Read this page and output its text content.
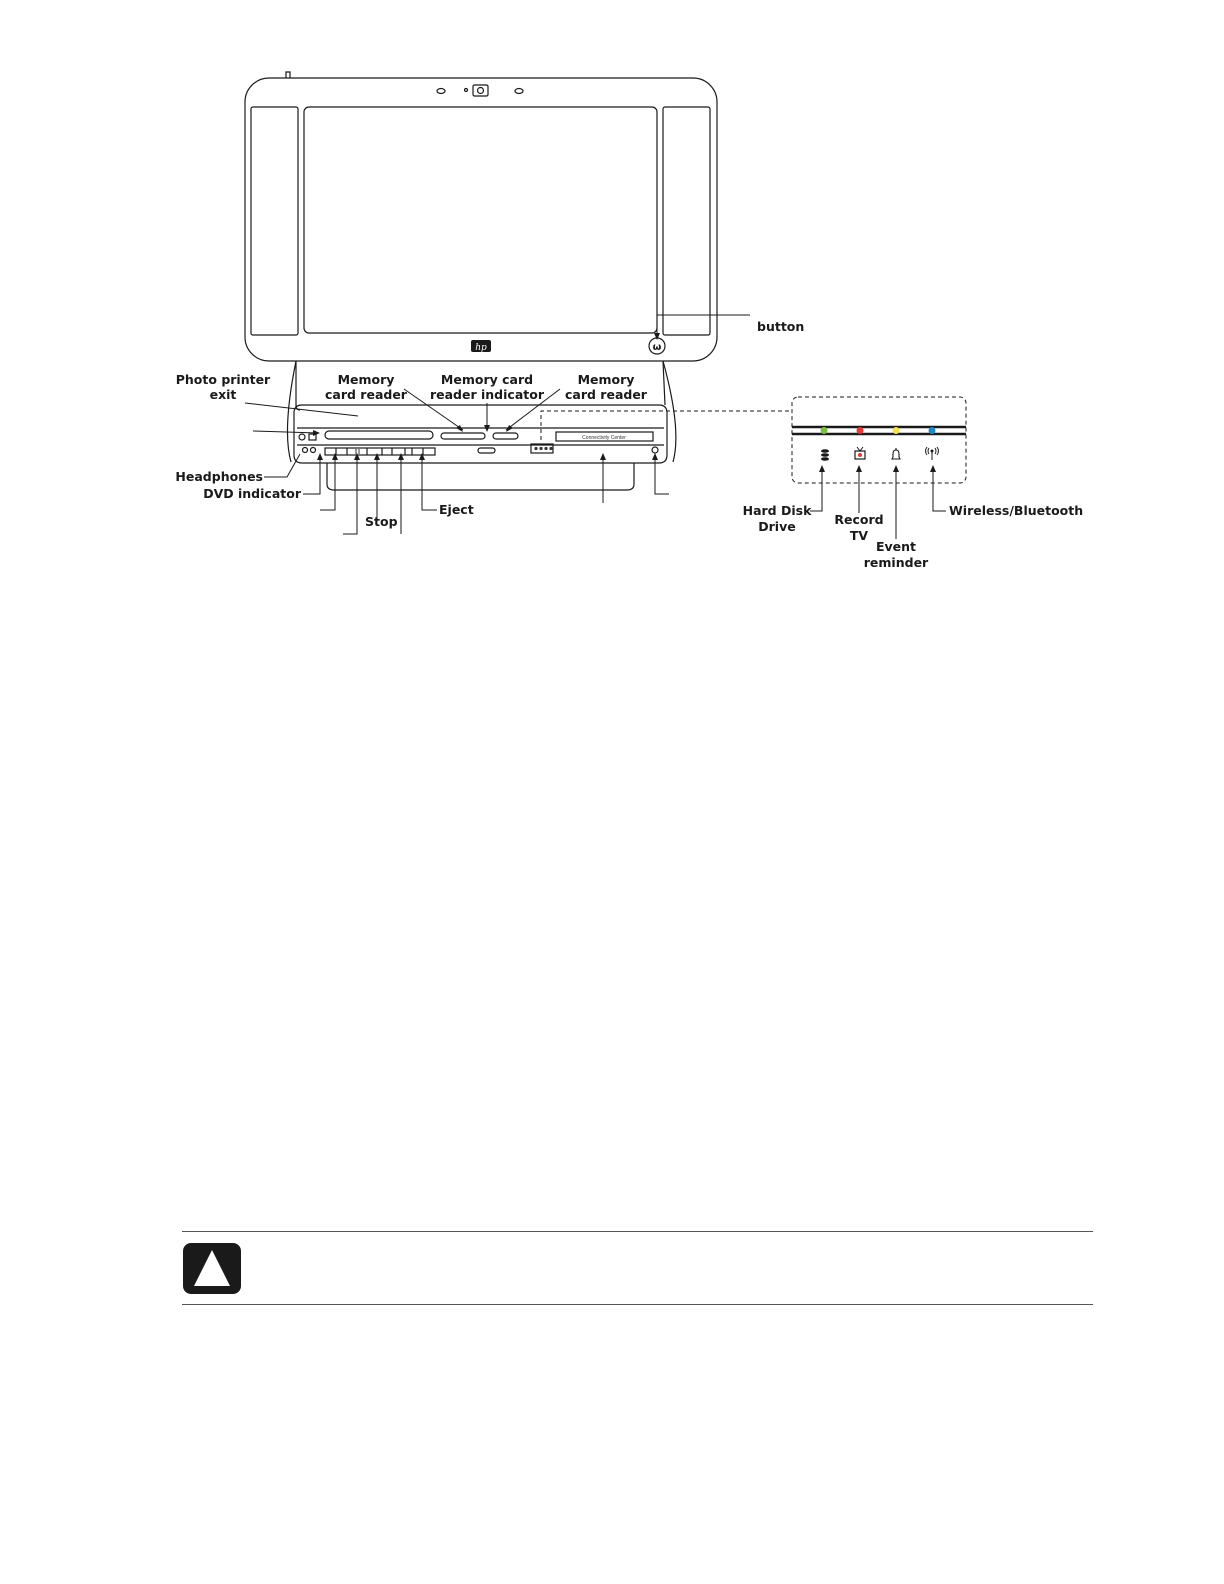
hp	ω
Connectivity Center
button
Photo printer
exit
Memory
card reader
Memory card
reader indicator
Memory
card reader
Headphones
DVD indicator
Stop
Eject	Hard Disk
Drive	Record
TV
Event
reminder
Wireless/Bluetooth
